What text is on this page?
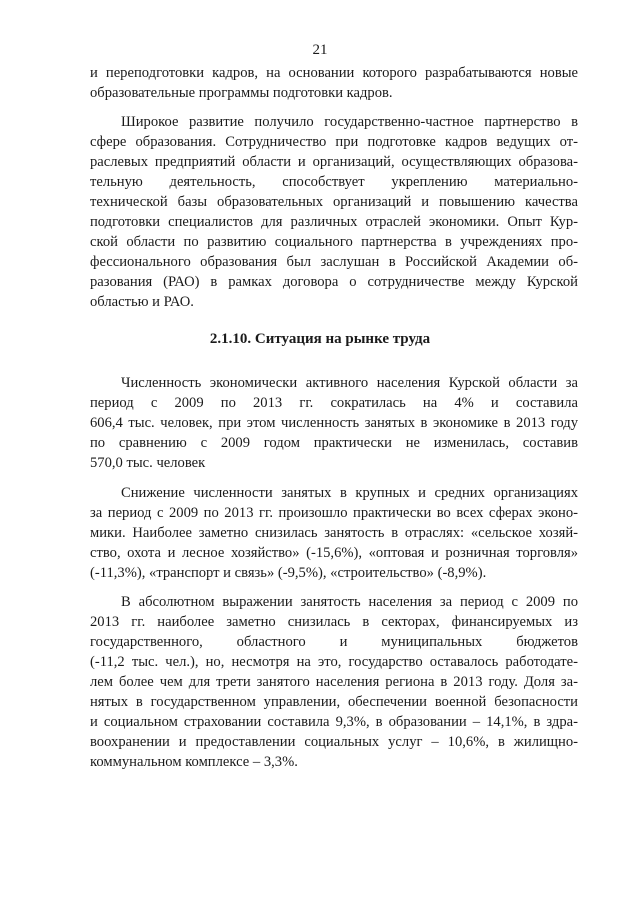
21
и переподготовки кадров, на основании которого разрабатываются новые
образовательные программы подготовки кадров.
Широкое развитие получило государственно-частное партнерство в
сфере образования. Сотрудничество при подготовке кадров ведущих от-
раслевых предприятий области и организаций, осуществляющих образова-
тельную деятельность, способствует укреплению материально-
технической базы образовательных организаций и повышению качества
подготовки специалистов для различных отраслей экономики. Опыт Кур-
ской области по развитию социального партнерства в учреждениях про-
фессионального образования был заслушан в Российской Академии об-
разования (РАО) в рамках договора о сотрудничестве между Курской
областью и РАО.
2.1.10. Ситуация на рынке труда
Численность экономически активного населения Курской области за
период с 2009 по 2013 гг. сократилась на 4% и составила
606,4 тыс. человек, при этом численность занятых в экономике в 2013 году
по сравнению с 2009 годом практически не изменилась, составив
570,0 тыс. человек
Снижение численности занятых в крупных и средних организациях
за период с 2009 по 2013 гг. произошло практически во всех сферах эконо-
мики. Наиболее заметно снизилась занятость в отраслях: «сельское хозяй-
ство, охота и лесное хозяйство» (-15,6%), «оптовая и розничная торговля»
(-11,3%), «транспорт и связь» (-9,5%), «строительство» (-8,9%).
В абсолютном выражении занятость населения за период с 2009 по
2013 гг. наиболее заметно снизилась в секторах, финансируемых из
государственного, областного и муниципальных бюджетов
(-11,2 тыс. чел.), но, несмотря на это, государство оставалось работодате-
лем более чем для трети занятого населения региона в 2013 году. Доля за-
нятых в государственном управлении, обеспечении военной безопасности
и социальном страховании составила 9,3%, в образовании – 14,1%, в здра-
воохранении и предоставлении социальных услуг – 10,6%, в жилищно-
коммунальном комплексе – 3,3%.
